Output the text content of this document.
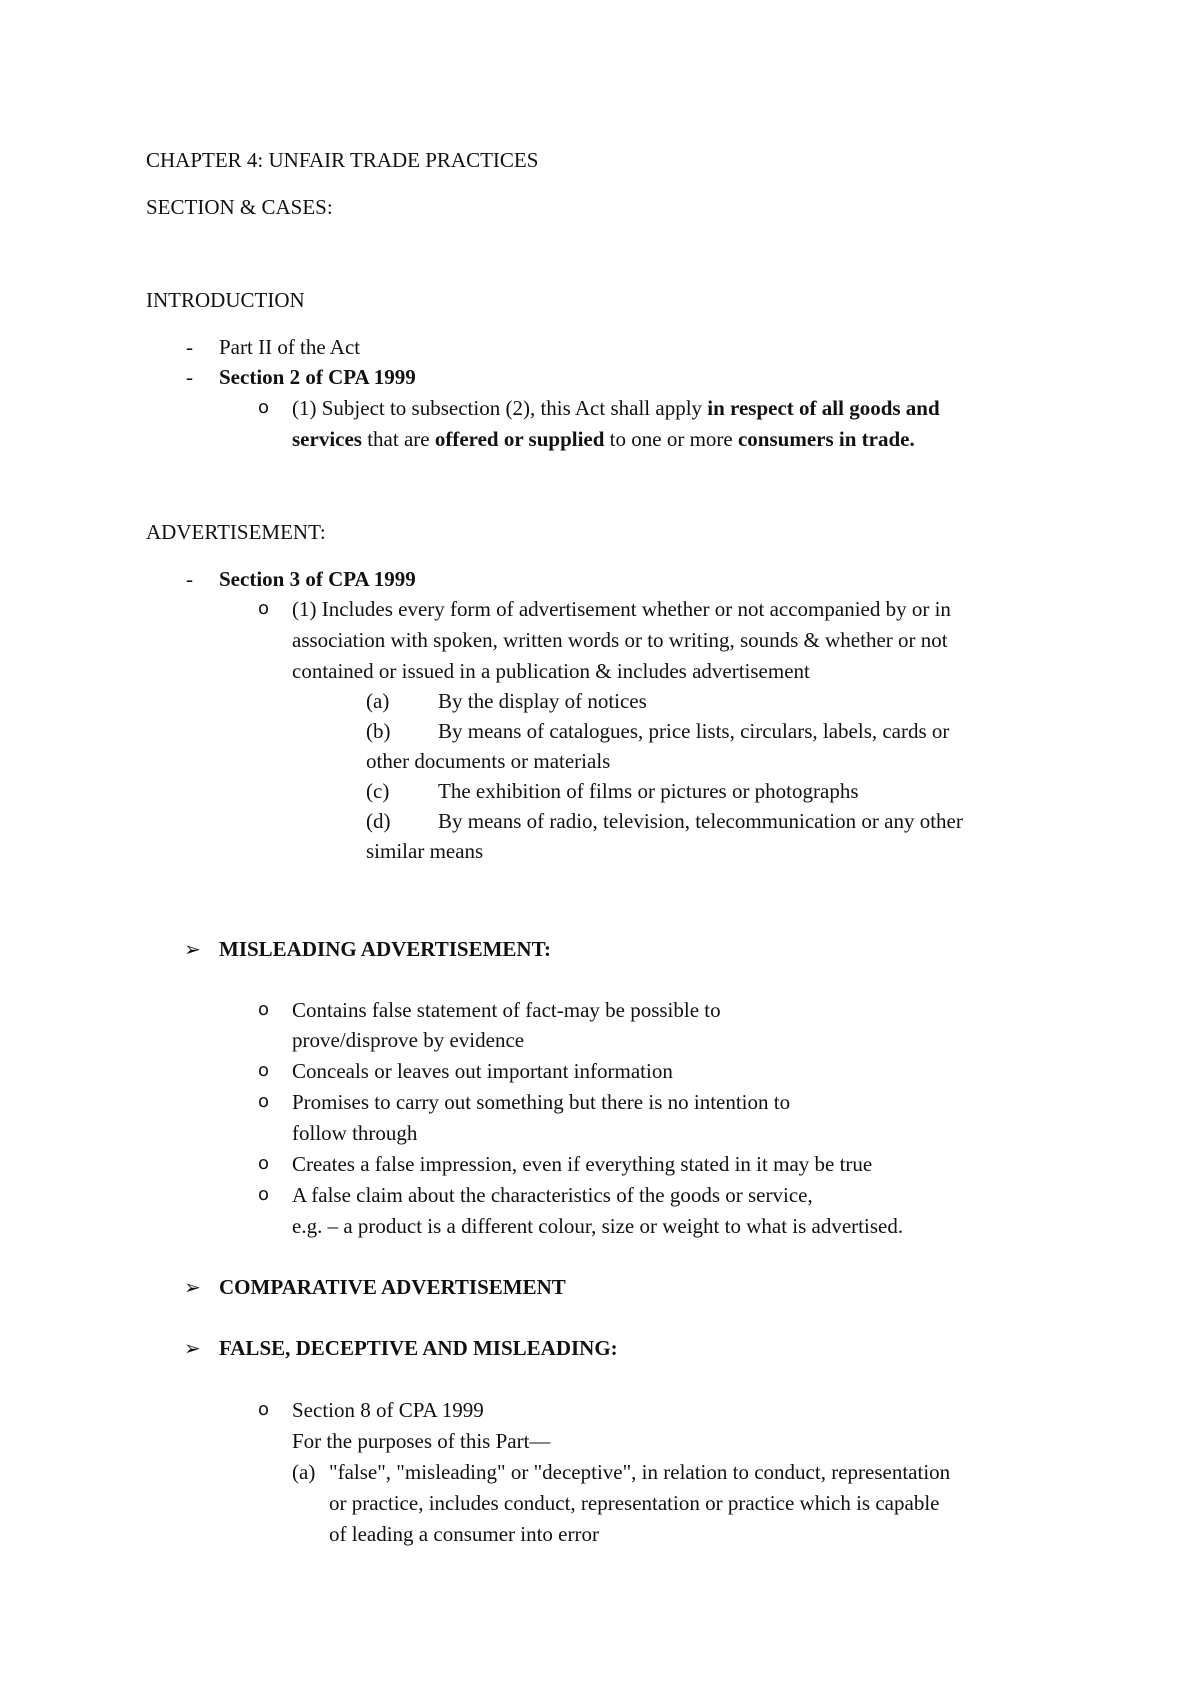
CHAPTER 4: UNFAIR TRADE PRACTICES
SECTION & CASES:
INTRODUCTION
- Part II of the Act
- Section 2 of CPA 1999
o (1) Subject to subsection (2), this Act shall apply in respect of all goods and
services that are offered or supplied to one or more consumers in trade.
ADVERTISEMENT:
- Section 3 of CPA 1999
o (1) Includes every form of advertisement whether or not accompanied by or in
association with spoken, written words or to writing, sounds & whether or not
contained or issued in a publication & includes advertisement
(a) By the display of notices
(b) By means of catalogues, price lists, circulars, labels, cards or
other documents or materials
(c) The exhibition of films or pictures or photographs
(d) By means of radio, television, telecommunication or any other
similar means
➢ MISLEADING ADVERTISEMENT:
o Contains false statement of fact-may be possible to
prove/disprove by evidence
o Conceals or leaves out important information
o Promises to carry out something but there is no intention to
follow through
o Creates a false impression, even if everything stated in it may be true
o A false claim about the characteristics of the goods or service,
e.g. – a product is a different colour, size or weight to what is advertised.
➢ COMPARATIVE ADVERTISEMENT
➢ FALSE, DECEPTIVE AND MISLEADING:
o Section 8 of CPA 1999
For the purposes of this Part—
(a) "false", "misleading" or "deceptive", in relation to conduct, representation
or practice, includes conduct, representation or practice which is capable
of leading a consumer into error
